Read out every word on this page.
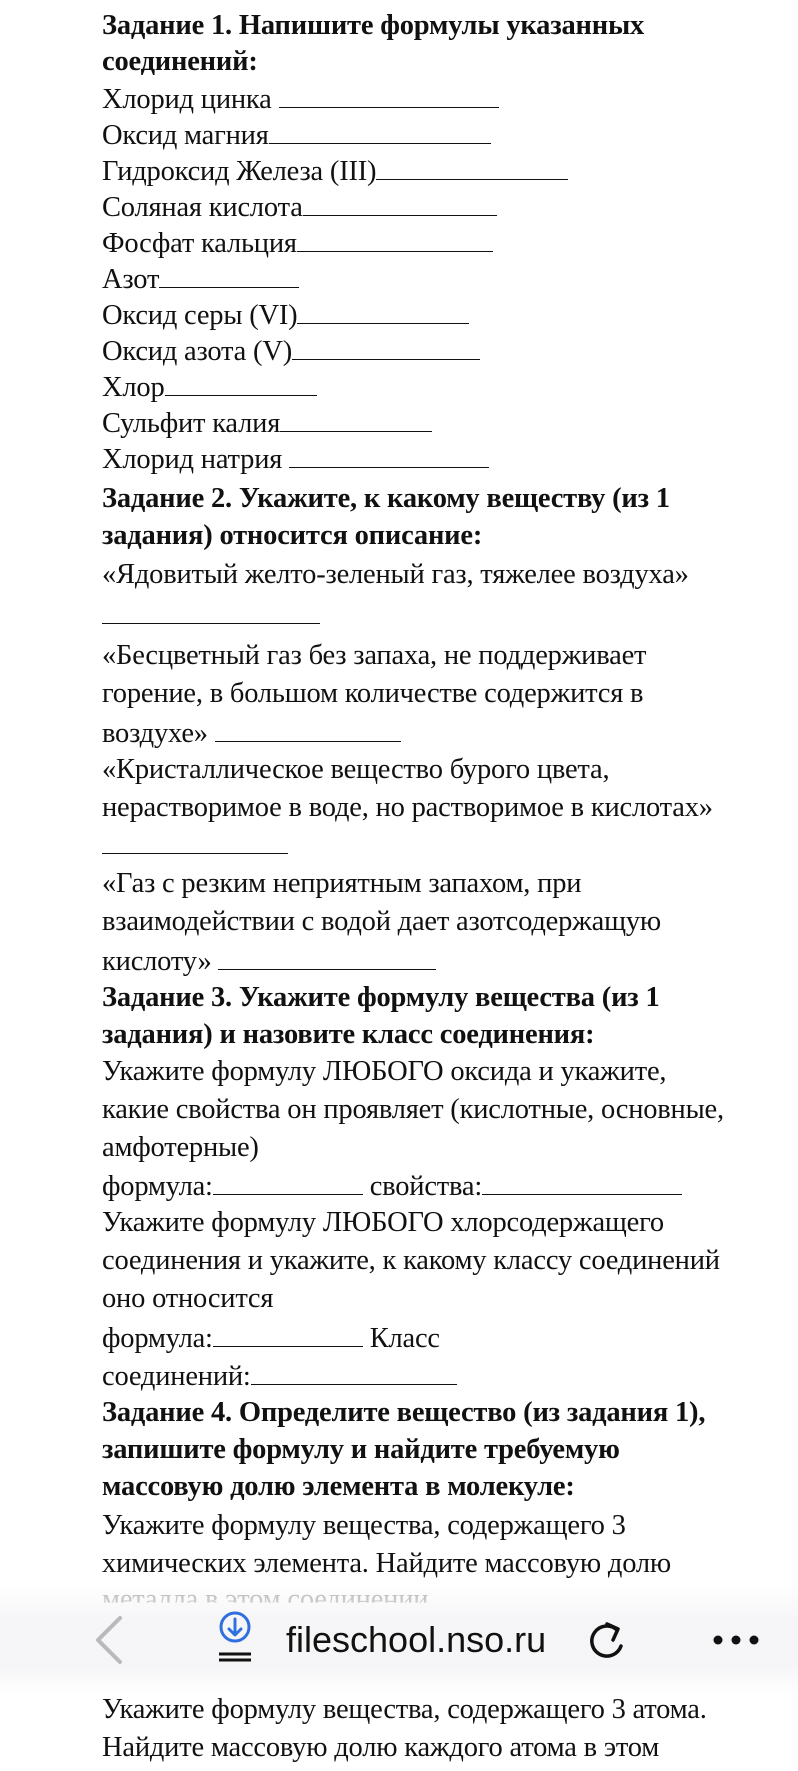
Задание 1. Напишите формулы указанных
соединений:
Хлорид цинка
Оксид магния
Гидроксид Железа (III)
Соляная кислота
Фосфат кальция
Азот
Оксид серы (VI)
Оксид азота (V)
Хлор
Сульфит калия
Хлорид натрия
Задание 2. Укажите, к какому веществу (из 1
задания) относится описание:
«Ядовитый желто-зеленый газ, тяжелее воздуха»
«Бесцветный газ без запаха, не поддерживает
горение, в большом количестве содержится в
воздухе»
«Кристаллическое вещество бурого цвета,
нерастворимое в воде, но растворимое в кислотах»
«Газ с резким неприятным запахом, при
взаимодействии с водой дает азотсодержащую
кислоту»
Задание 3. Укажите формулу вещества (из 1
задания) и назовите класс соединения:
Укажите формулу ЛЮБОГО оксида и укажите,
какие свойства он проявляет (кислотные, основные,
амфотерные)
формула:	свойства:
Укажите формулу ЛЮБОГО хлорсодержащего
соединения и укажите, к какому классу соединений
оно относится
формула:	Класс
соединений:
Задание 4. Определите вещество (из задания 1),
запишите формулу и найдите требуемую
массовую долю элемента в молекуле:
Укажите формулу вещества, содержащего 3
химических элемента. Найдите массовую долю
fileschool.nso.ru
Укажите формулу вещества, содержащего 3 атома.
Найдите массовую долю каждого атома в этом
